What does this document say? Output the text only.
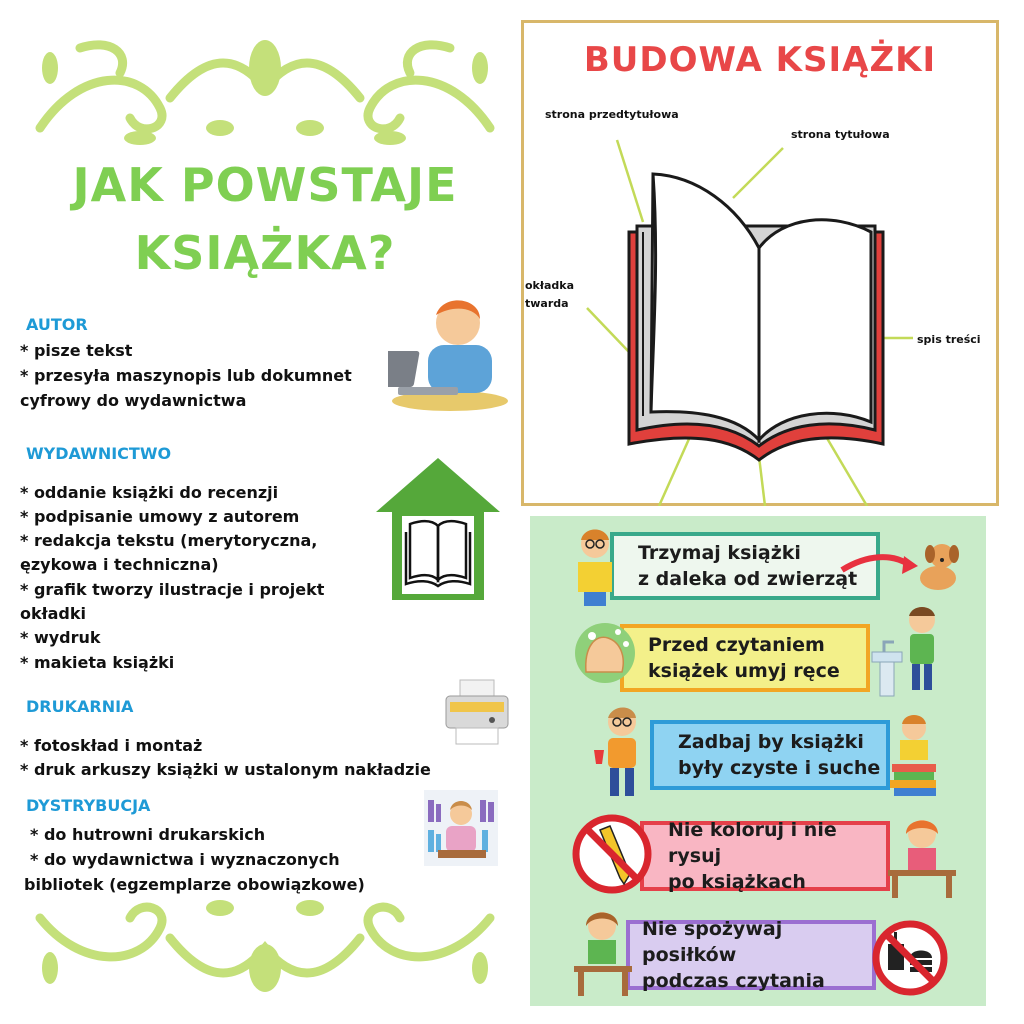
JAK POWSTAJE
KSIĄŻKA?
AUTOR
* pisze tekst
* przesyła maszynopis lub dokumnet
cyfrowy do wydawnictwa
WYDAWNICTWO
* oddanie książki do recenzji
* podpisanie umowy z autorem
* redakcja tekstu (merytoryczna,
ęzykowa i techniczna)
* grafik tworzy ilustracje i projekt
okładki
* wydruk
* makieta książki
DRUKARNIA
* fotoskład i montaż
* druk arkuszy książki w ustalonym nakładzie
DYSTRYBUCJA
* do hutrowni drukarskich
* do wydawnictwa i wyznaczonych
bibliotek (egzemplarze obowiązkowe)
BUDOWA KSIĄŻKI
strona przedtytułowa
strona tytułowa
okładka
twarda
spis treści
Trzymaj książki
z daleka od zwierząt
Przed czytaniem
książek umyj ręce
Zadbaj by książki
były czyste i suche
Nie koloruj i nie rysuj
po książkach
Nie spożywaj posiłków
podczas czytania
